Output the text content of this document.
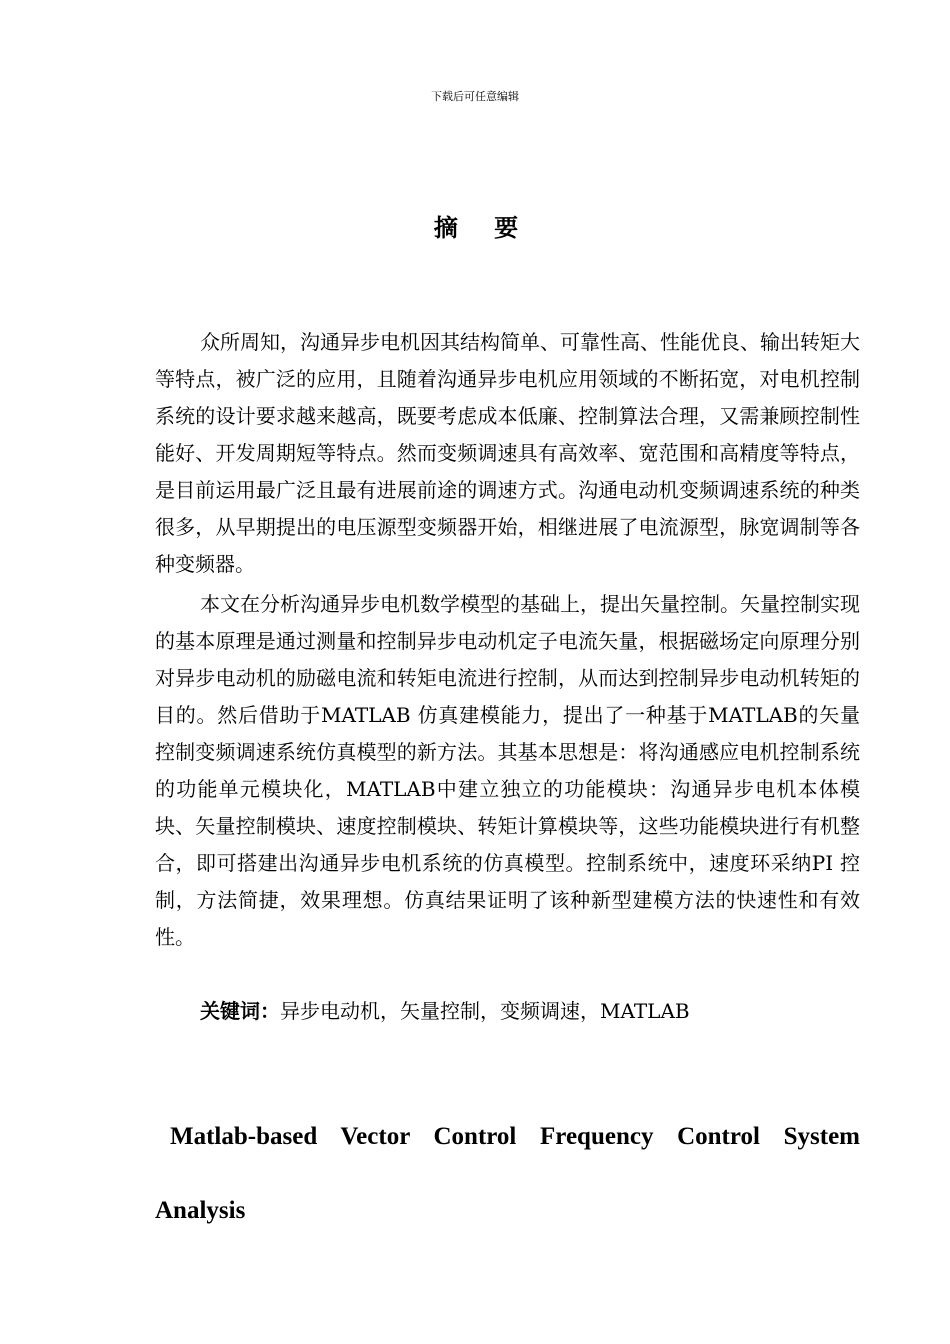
下载后可任意编辑
摘 要

众所周知，沟通异步电机因其结构简单、可靠性高、性能优良、输出转矩大等特点，被广泛的应用，且随着沟通异步电机应用领域的不断拓宽，对电机控制系统的设计要求越来越高，既要考虑成本低廉、控制算法合理，又需兼顾控制性能好、开发周期短等特点。然而变频调速具有高效率、宽范围和高精度等特点，是目前运用最广泛且最有进展前途的调速方式。沟通电动机变频调速系统的种类很多，从早期提出的电压源型变频器开始，相继进展了电流源型，脉宽调制等各种变频器。

本文在分析沟通异步电机数学模型的基础上，提出矢量控制。矢量控制实现的基本原理是通过测量和控制异步电动机定子电流矢量，根据磁场定向原理分别对异步电动机的励磁电流和转矩电流进行控制，从而达到控制异步电动机转矩的目的。然后借助于MATLAB 仿真建模能力，提出了一种基于MATLAB的矢量控制变频调速系统仿真模型的新方法。其基本思想是：将沟通感应电机控制系统的功能单元模块化，MATLAB中建立独立的功能模块：沟通异步电机本体模块、矢量控制模块、速度控制模块、转矩计算模块等，这些功能模块进行有机整合，即可搭建出沟通异步电机系统的仿真模型。控制系统中，速度环采纳PI 控制，方法简捷，效果理想。仿真结果证明了该种新型建模方法的快速性和有效性。

关键词：异步电动机，矢量控制，变频调速，MATLAB

Matlab-based Vector Control Frequency Control System Analysis
